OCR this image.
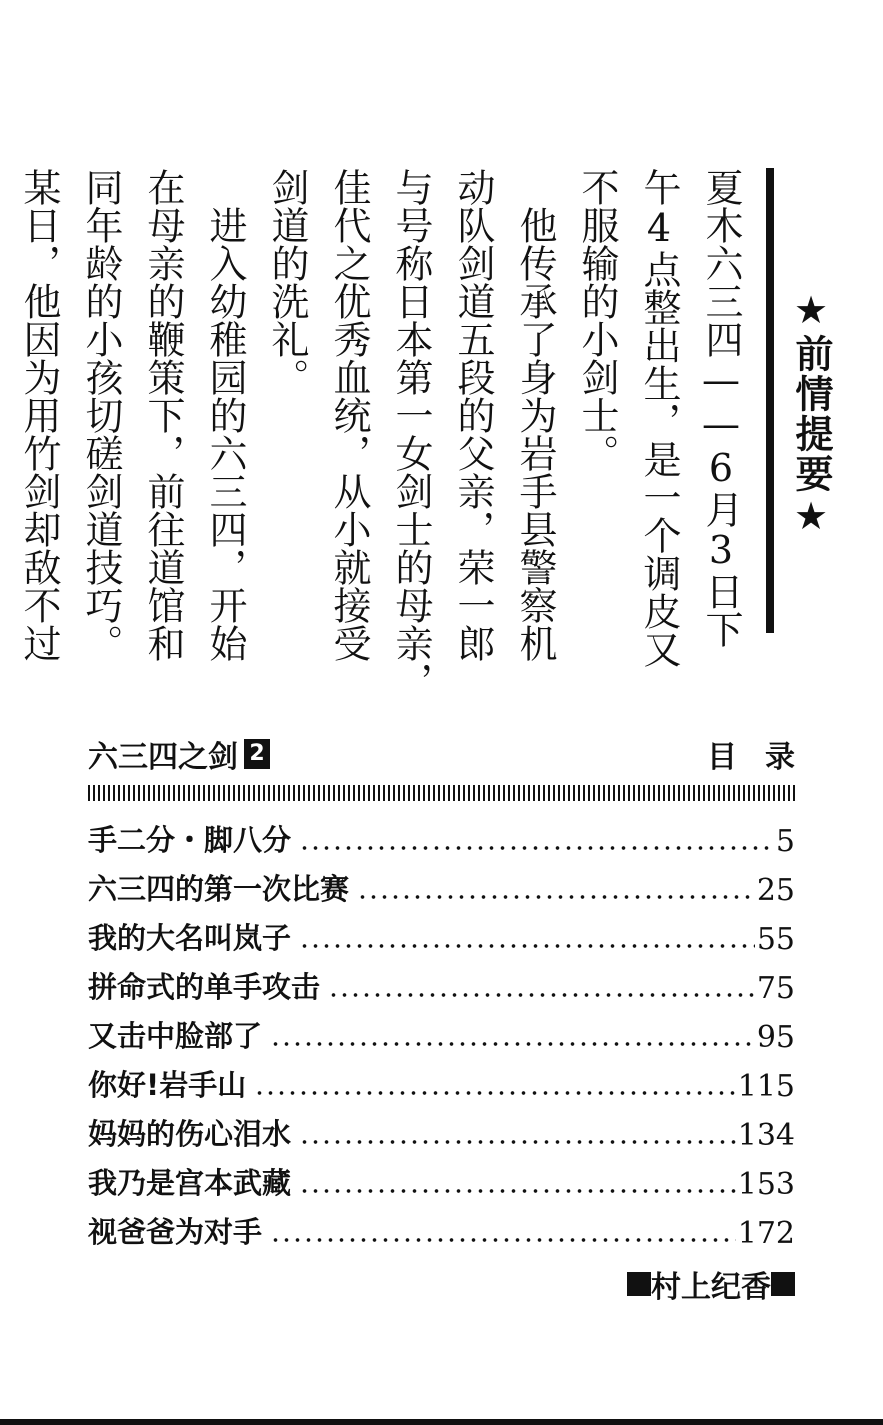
夏木六三四——6月3日下
午4点整出生，是一个调皮又
不服输的小剑士。
　他传承了身为岩手县警察机
动队剑道五段的父亲，荣一郎
与号称日本第一女剑士的母亲，
佳代之优秀血统，从小就接受
剑道的洗礼。
　进入幼稚园的六三四，开始
在母亲的鞭策下，前往道馆和
同年龄的小孩切磋剑道技巧。
某日，他因为用竹剑却敌不过	★前情提要★
六三四之剑 2	目录
手二分・脚八分	5
六三四的第一次比赛	25
我的大名叫岚子	55
拼命式的单手攻击	75
又击中脸部了	95
你好!岩手山	115
妈妈的伤心泪水	134
我乃是宫本武藏	153
视爸爸为对手	172
村上纪香
